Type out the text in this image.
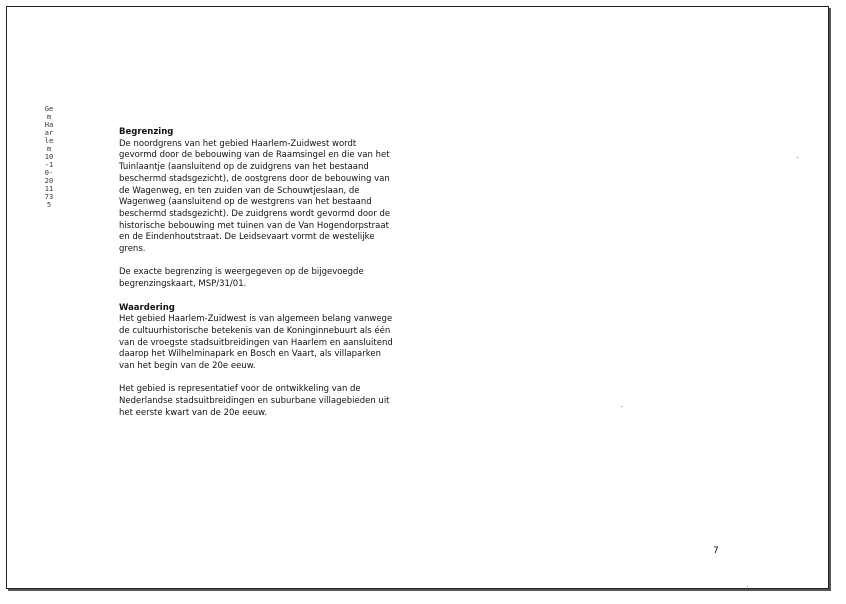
Gem Haarlem 10-10-2011 735
Begrenzing

De noordgrens van het gebied Haarlem-Zuidwest wordt gevormd door de bebouwing van de Raamsingel en die van het Tuinlaantje (aansluitend op de zuidgrens van het bestaand beschermd stadsgezicht), de oostgrens door de bebouwing van de Wagenweg, en ten zuiden van de Schouwtjeslaan, de Wagenweg (aansluitend op de westgrens van het bestaand beschermd stadsgezicht). De zuidgrens wordt gevormd door de historische bebouwing met tuinen van de Van Hogendorpstraat en de Eindenhoutstraat. De Leidsevaart vormt de westelijke grens.

De exacte begrenzing is weergegeven op de bijgevoegde begrenzingskaart, MSP/31/01.

Waardering

Het gebied Haarlem-Zuidwest is van algemeen belang vanwege de cultuurhistorische betekenis van de Koninginnebuurt als één van de vroegste stadsuitbreidingen van Haarlem en aansluitend daarop het Wilhelminapark en Bosch en Vaart, als villaparken van het begin van de 20e eeuw.

Het gebied is representatief voor de ontwikkeling van de Nederlandse stadsuitbreidingen en suburbane villagebieden uit het eerste kwart van de 20e eeuw.

7
